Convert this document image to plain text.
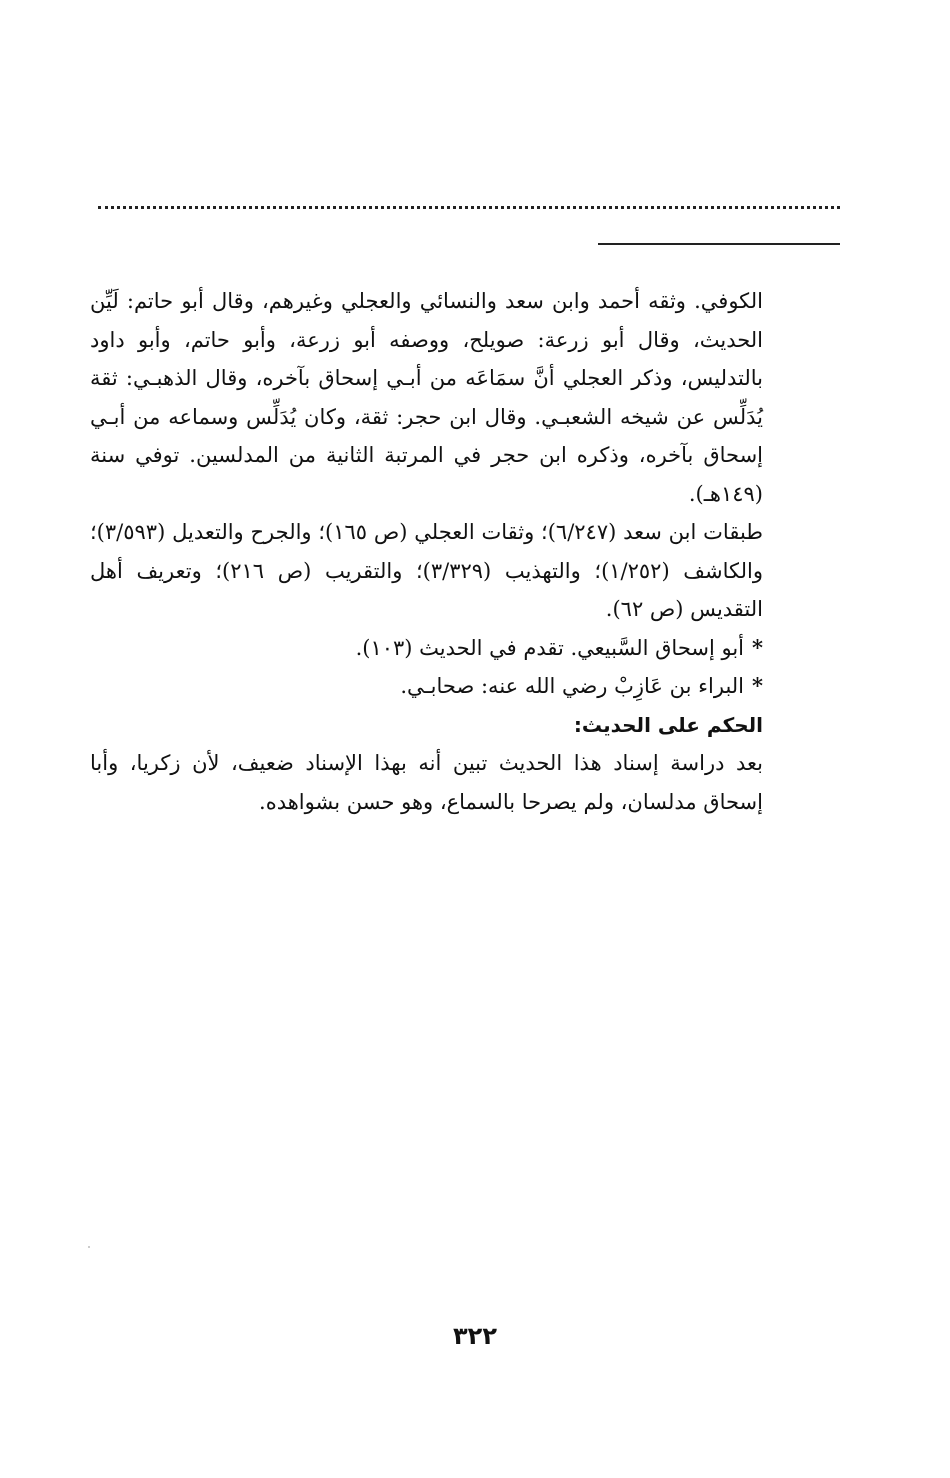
الكوفي. وثقه أحمد وابن سعد والنسائي والعجلي وغيرهم، وقال أبو حاتم: لَيِّن الحديث، وقال أبو زرعة: صويلح، ووصفه أبو زرعة، وأبو حاتم، وأبو داود بالتدليس، وذكر العجلي أنَّ سمَاعَه من أبـي إسحاق بآخره، وقال الذهبـي: ثقة يُدَلِّس عن شيخه الشعبـي. وقال ابن حجر: ثقة، وكان يُدَلِّس وسماعه من أبـي إسحاق بآخره، وذكره ابن حجر في المرتبة الثانية من المدلسين. توفي سنة (١٤٩هـ).

طبقات ابن سعد (٦/٢٤٧)؛ وثقات العجلي (ص ١٦٥)؛ والجرح والتعديل (٣/٥٩٣)؛ والكاشف (١/٢٥٢)؛ والتهذيب (٣/٣٢٩)؛ والتقريب (ص ٢١٦)؛ وتعريف أهل التقديس (ص ٦٢).

*أبو إسحاق السَّبيعي. تقدم في الحديث (١٠٣).

*البراء بن عَازِبْ رضي الله عنه: صحابـي.

الحكم على الحديث:

بعد دراسة إسناد هذا الحديث تبين أنه بهذا الإسناد ضعيف، لأن زكريا، وأبا إسحاق مدلسان، ولم يصرحا بالسماع، وهو حسن بشواهده.

٣٢٢
